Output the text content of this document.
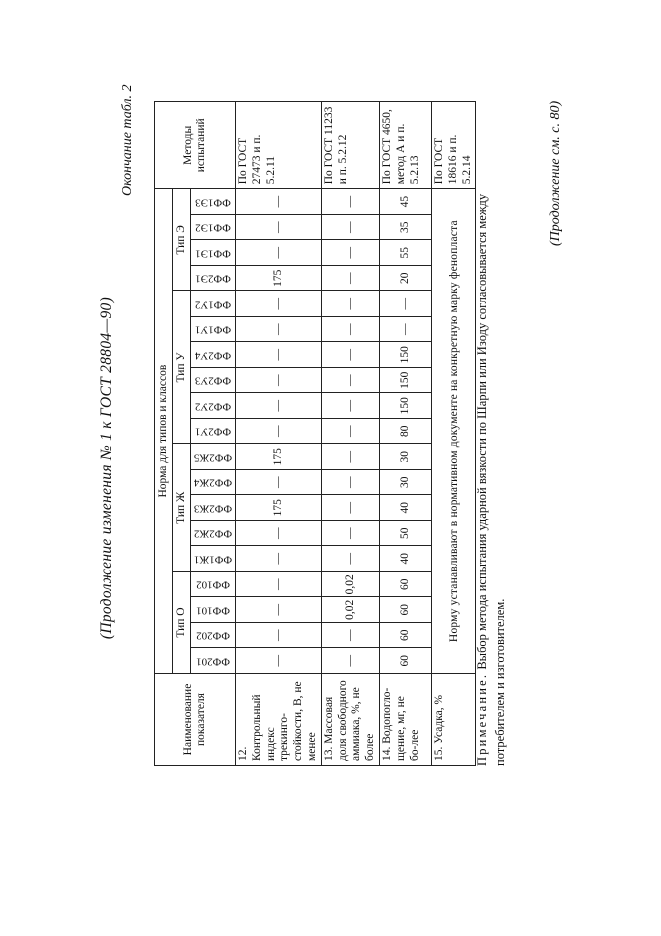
(Продолжение изменения № 1 к ГОСТ 28804—90)
Окончание табл. 2
Наименование показателя	Норма для типов и классов																			Методы испытаний
	Тип О				Тип Ж					Тип У						Тип Э				

	ФФ201	ФФ202	ФФ101	ФФ102	ФФ1Ж1	ФФ2Ж2	ФФ2Ж3	ФФ2Ж4	ФФ2Ж5	ФФ2У1	ФФ2У2	ФФ2У3	ФФ2У4	ФФ1У1	ФФ1У2	ФФ2Э1	ФФ1Э1	ФФ1Э2	ФФ1Э3	

12. Контрольный индекс трекинго-стойкости, В, не менее	—	—	—	—	—	—	175	—	175	—	—	—	—	—	—	175	—	—	—	По ГОСТ 27473 и п. 5.2.11
13. Массовая доля свободного аммиака, %, не более	—	—	0,02	0,02	—	—	—	—	—	—	—	—	—	—	—	—	—	—	—	По ГОСТ 11233 и п. 5.2.12
14. Водопогло-щение, мг, не бо-лее	60	60	60	60	40	50	40	30	30	80	150	150	150	—	—	20	55	35	45	По ГОСТ 4650, метод А и п. 5.2.13
15. Усадка, %	Норму устанавливают в нормативном документе на конкретную марку фенопласта																			По ГОСТ 18616 и п. 5.2.14
Примечание. Выбор метода испытания ударной вязкости по Шарпи или Изоду согласовывается между потребителем и изготовителем.
(Продолжение см. с. 80)
